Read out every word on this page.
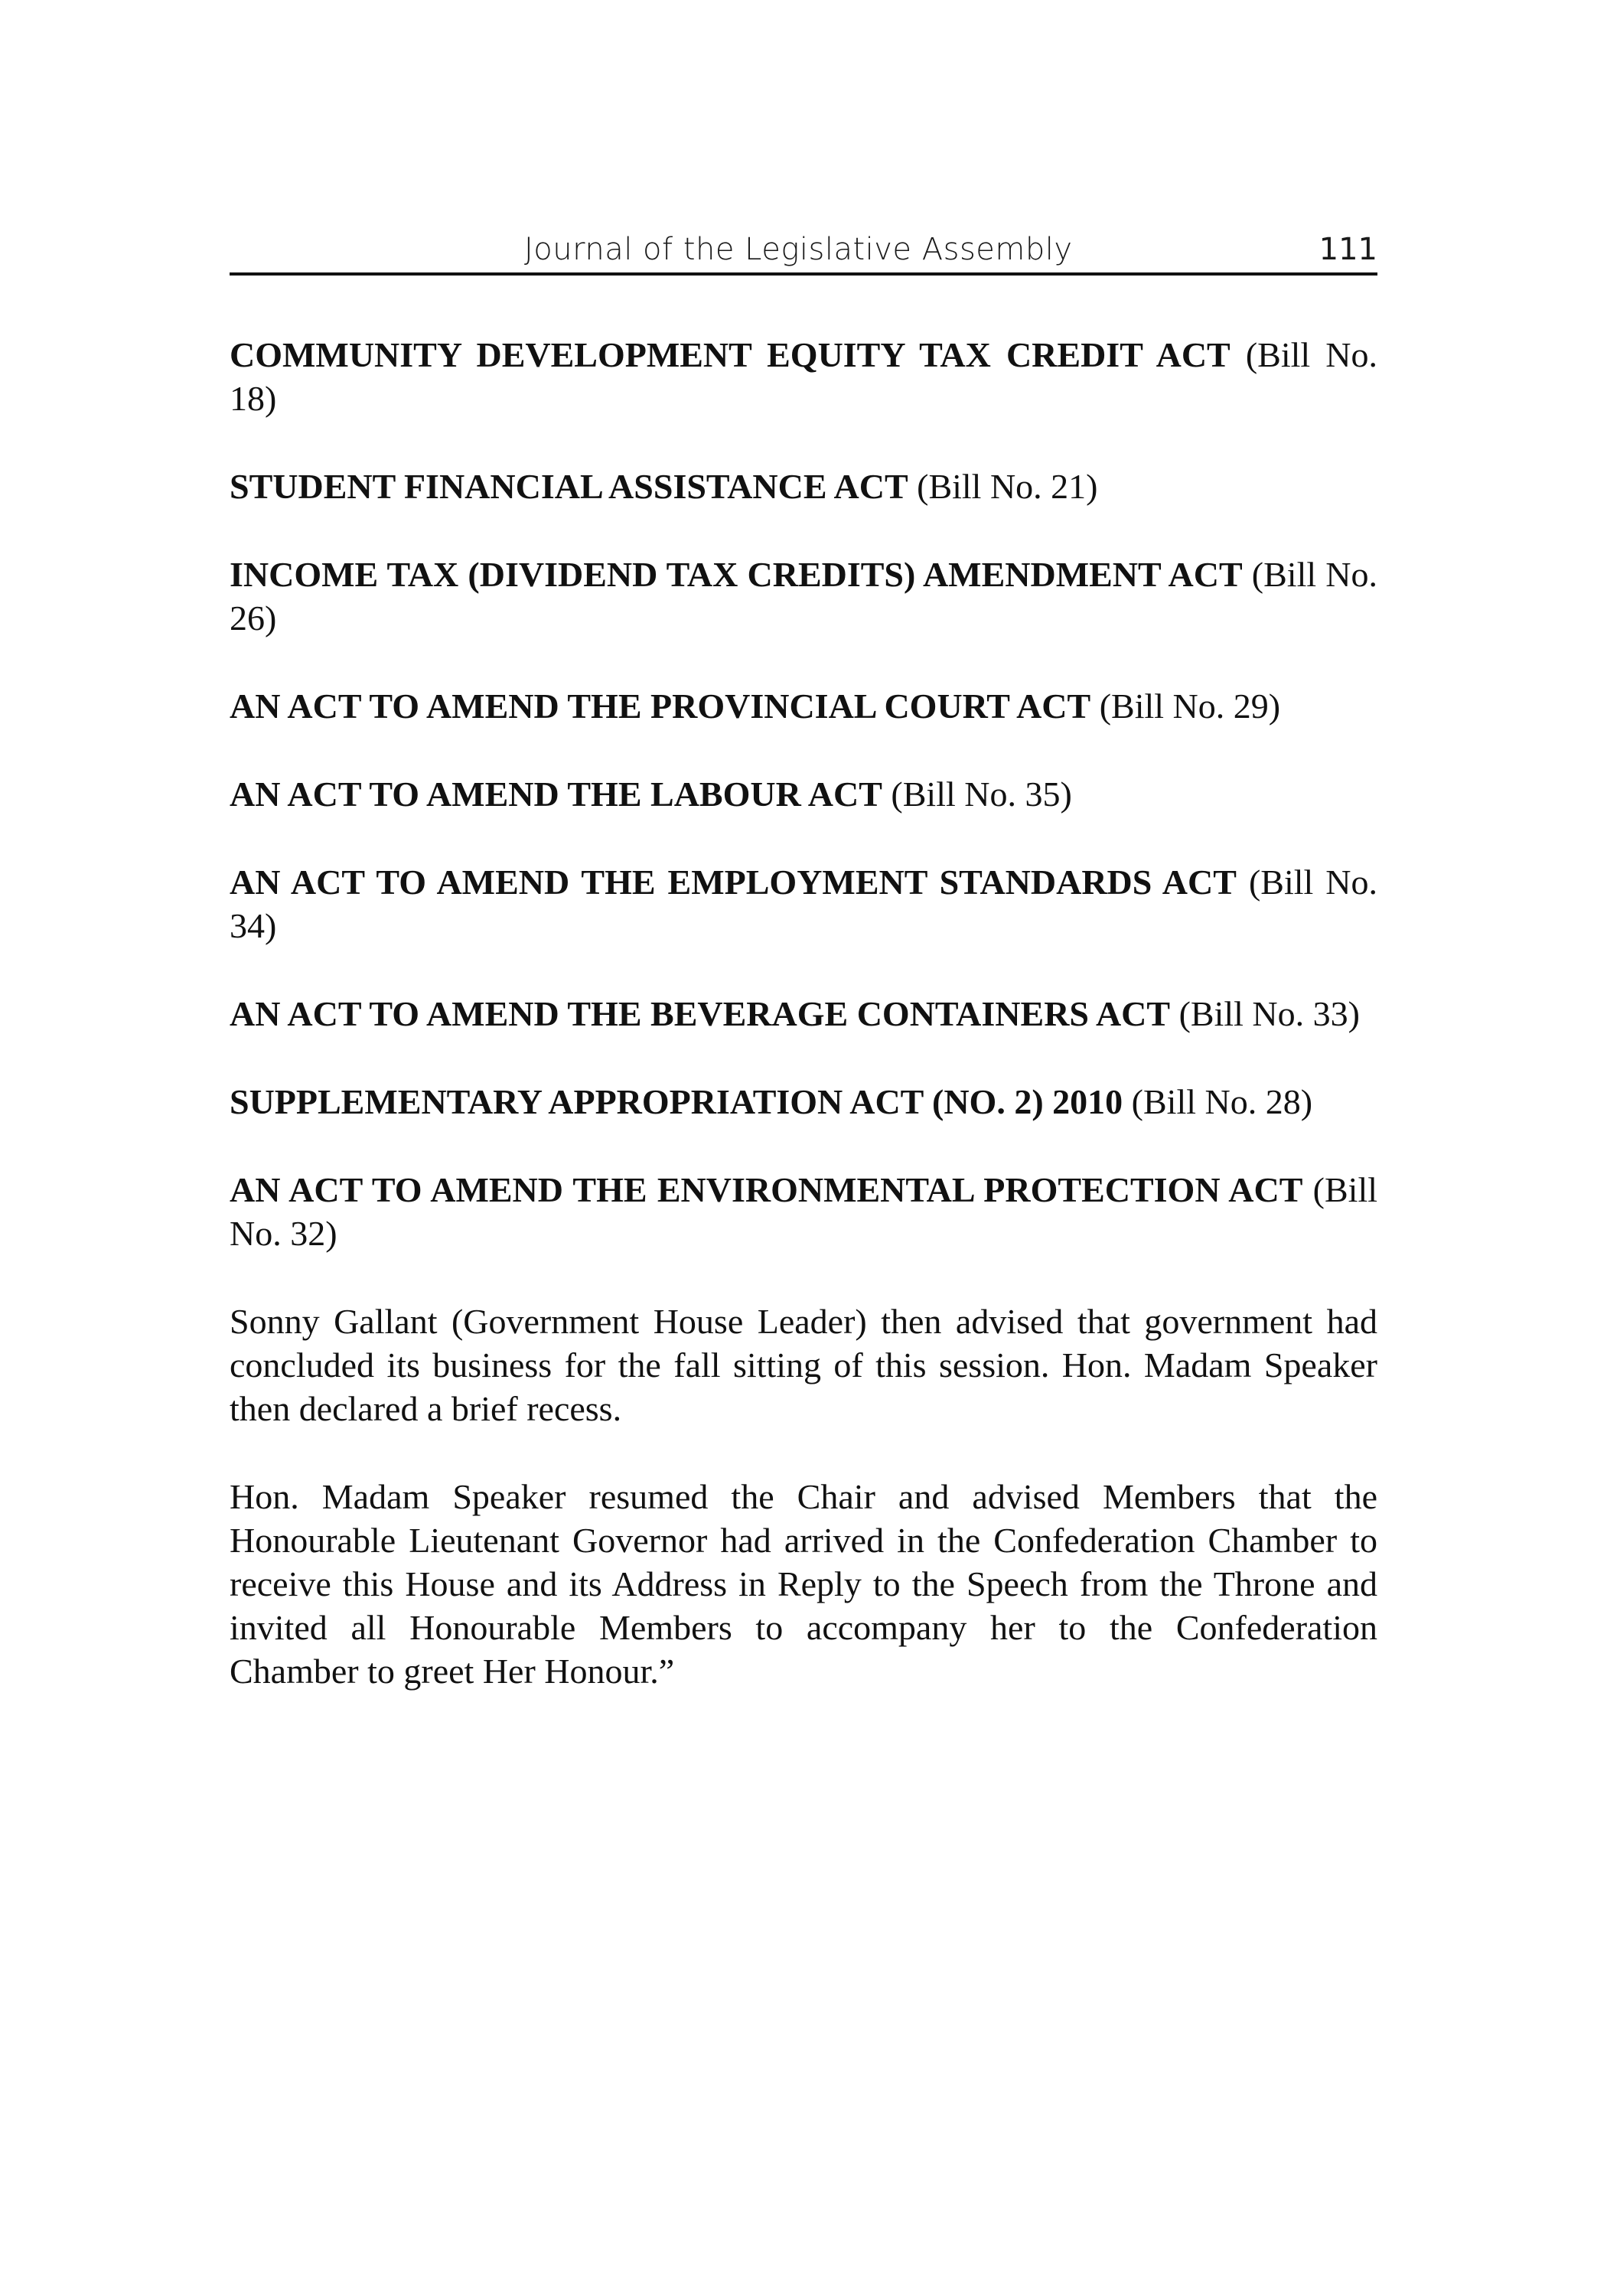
Journal of the Legislative Assembly	111

COMMUNITY DEVELOPMENT EQUITY TAX CREDIT ACT (Bill No. 18)

STUDENT FINANCIAL ASSISTANCE ACT (Bill No. 21)

INCOME TAX (DIVIDEND TAX CREDITS) AMENDMENT ACT (Bill No. 26)

AN ACT TO AMEND THE PROVINCIAL COURT ACT (Bill No. 29)

AN ACT TO AMEND THE LABOUR ACT (Bill No. 35)

AN ACT TO AMEND THE EMPLOYMENT STANDARDS ACT (Bill No. 34)

AN ACT TO AMEND THE BEVERAGE CONTAINERS ACT (Bill No. 33)

SUPPLEMENTARY APPROPRIATION ACT (NO. 2) 2010 (Bill No. 28)

AN ACT TO AMEND THE ENVIRONMENTAL PROTECTION ACT (Bill No. 32)

Sonny Gallant (Government House Leader) then advised that government had concluded its business for the fall sitting of this session. Hon. Madam Speaker then declared a brief recess.

Hon. Madam Speaker resumed the Chair and advised Members that the Honourable Lieutenant Governor had arrived in the Confederation Chamber to receive this House and its Address in Reply to the Speech from the Throne and invited all Honourable Members to accompany her to the Confederation Chamber to greet Her Honour.”
